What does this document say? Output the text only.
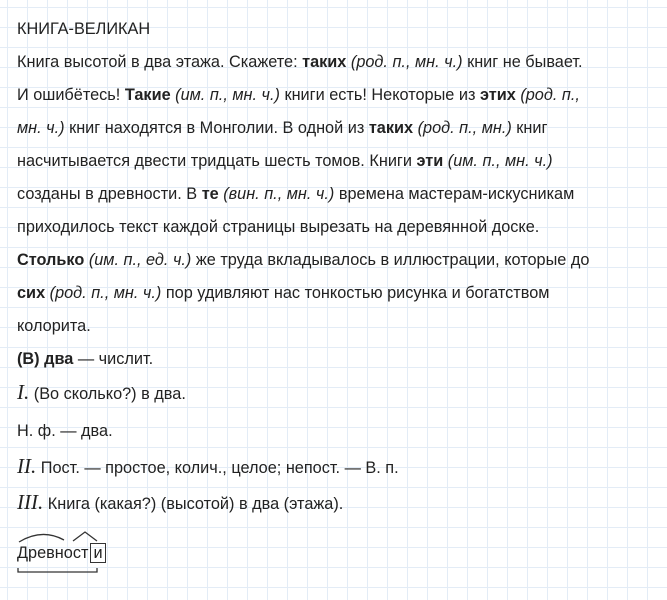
КНИГА-ВЕЛИКАН
Книга высотой в два этажа. Скажете: таких (род. п., мн. ч.) книг не бывает.
И ошибётесь! Такие (им. п., мн. ч.) книги есть! Некоторые из этих (род. п.,
мн. ч.) книг находятся в Монголии. В одной из таких (род. п., мн.) книг
насчитывается двести тридцать шесть томов. Книги эти (им. п., мн. ч.)
созданы в древности. В те (вин. п., мн. ч.) времена мастерам-искусникам
приходилось текст каждой страницы вырезать на деревянной доске.
Столько (им. п., ед. ч.) же труда вкладывалось в иллюстрации, которые до
сих (род. п., мн. ч.) пор удивляют нас тонкостью рисунка и богатством
колорита.
(В) два — числит.
I. (Во сколько?) в два.
Н. ф. — два.
II. Пост. — простое, колич., целое; непост. — В. п.
III. Книга (какая?) (высотой) в два (этажа).
Древност и
